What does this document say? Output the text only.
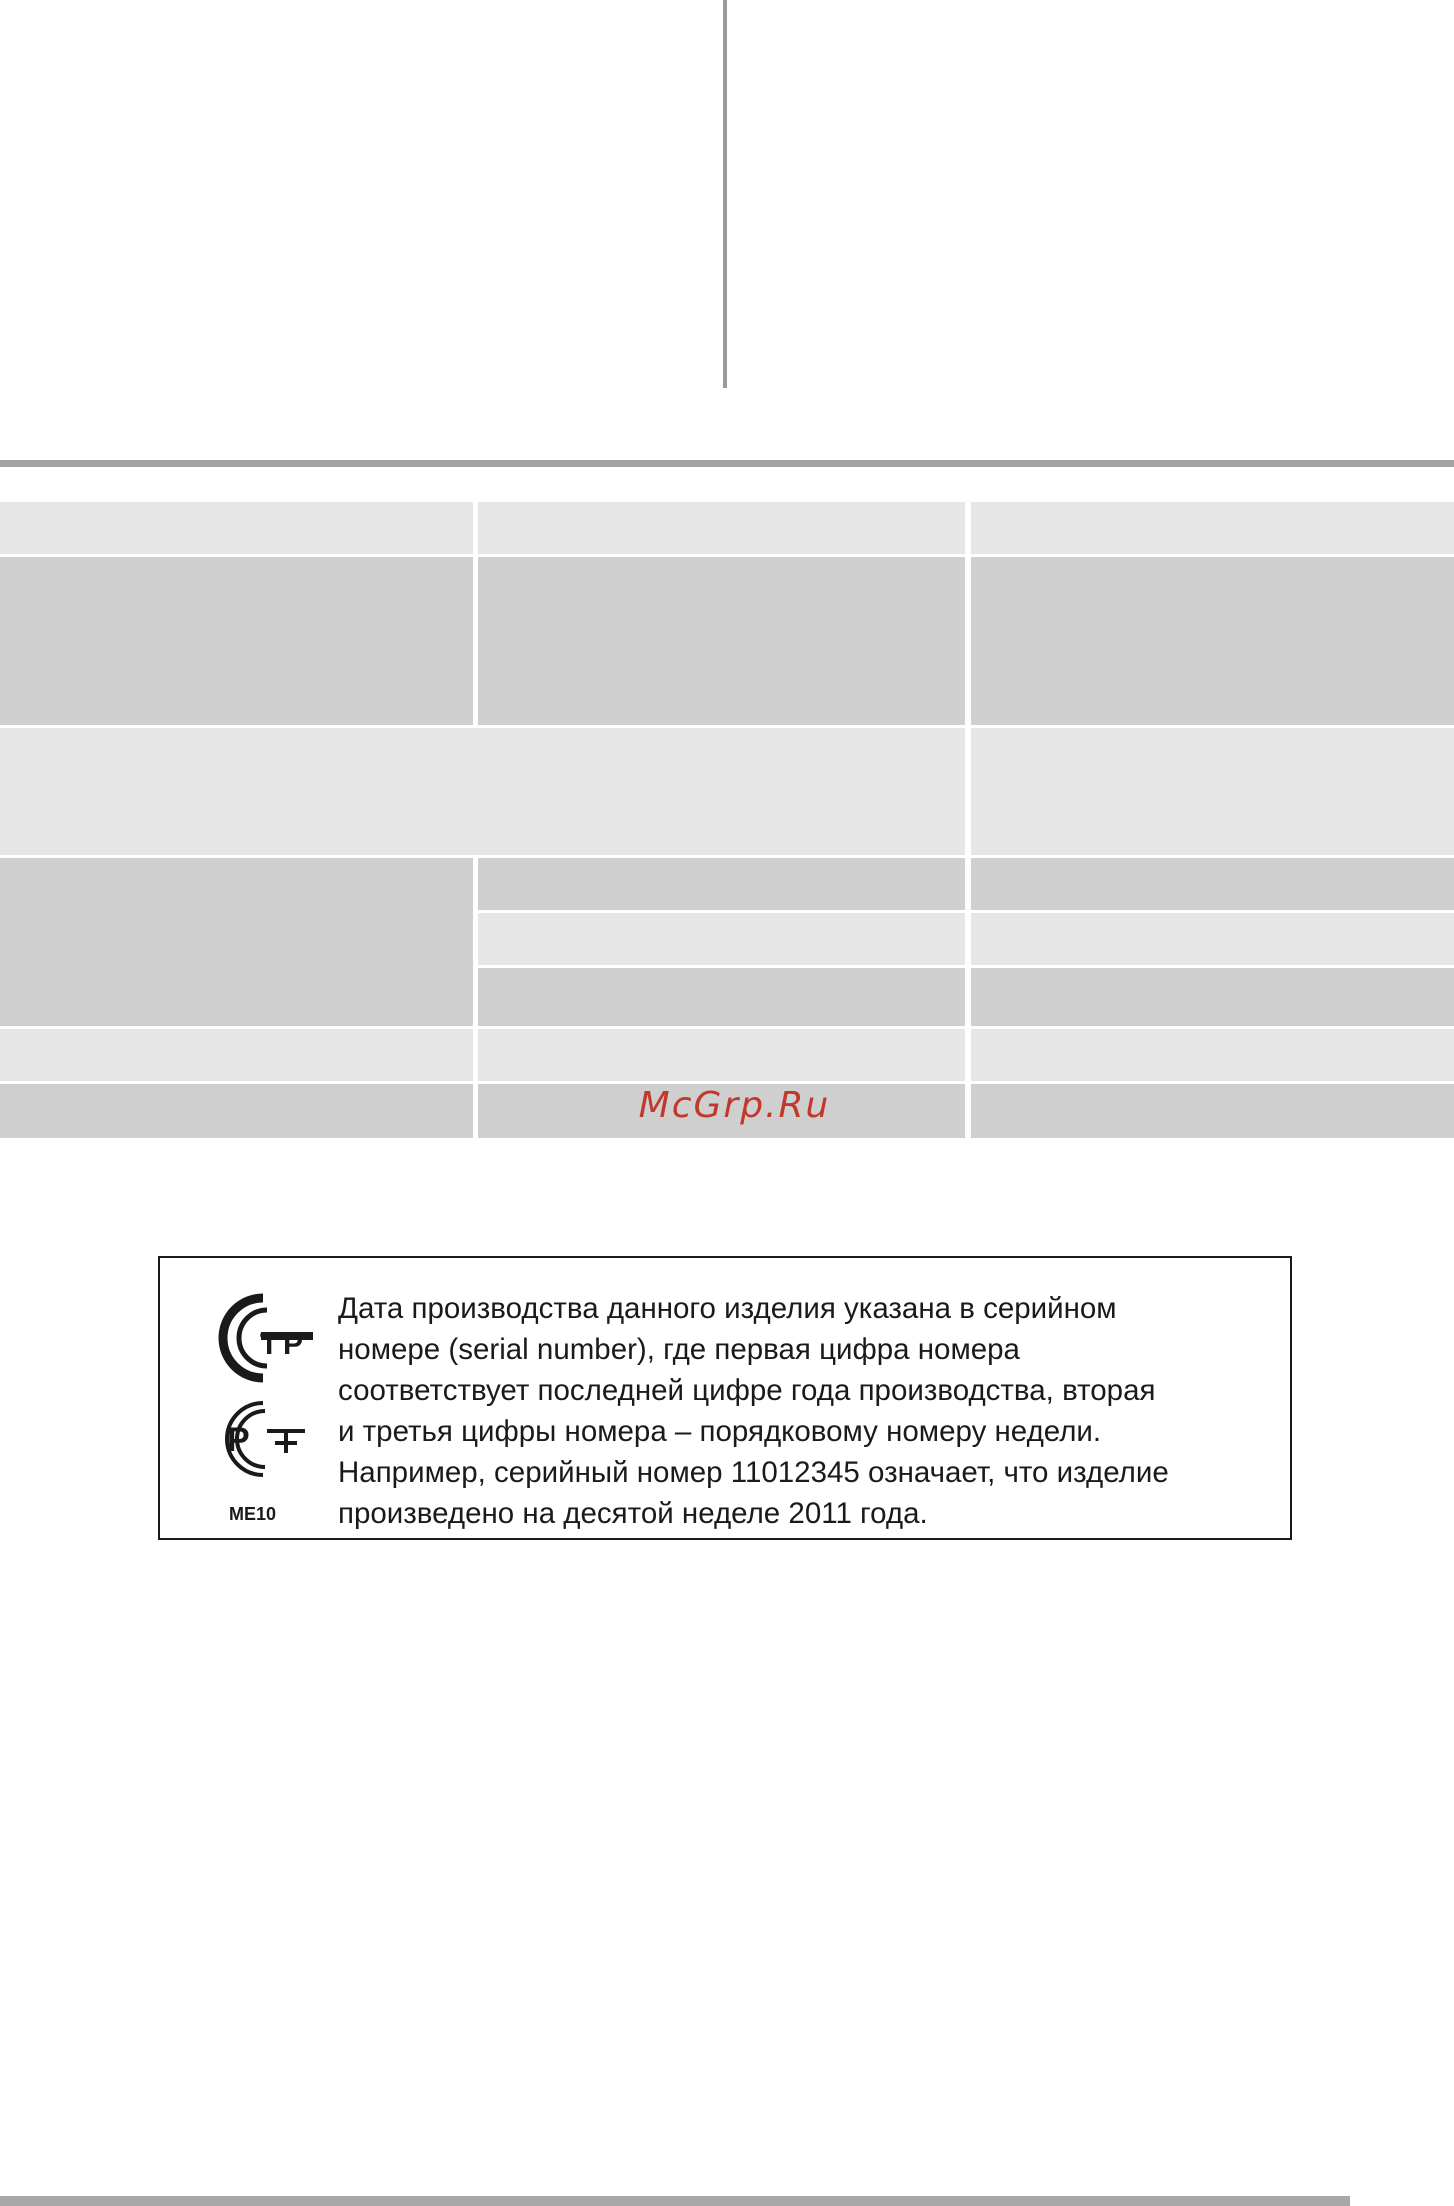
McGrp.Ru
T P

P
ME10

Дата производства данного изделия указана в серийном

номере (serial number), где первая цифра номера

соответствует последней цифре года производства, вторая

и третья цифры номера – порядковому номеру недели.

Например, серийный номер 11012345 означает, что изделие

произведено на десятой неделе 2011 года.
